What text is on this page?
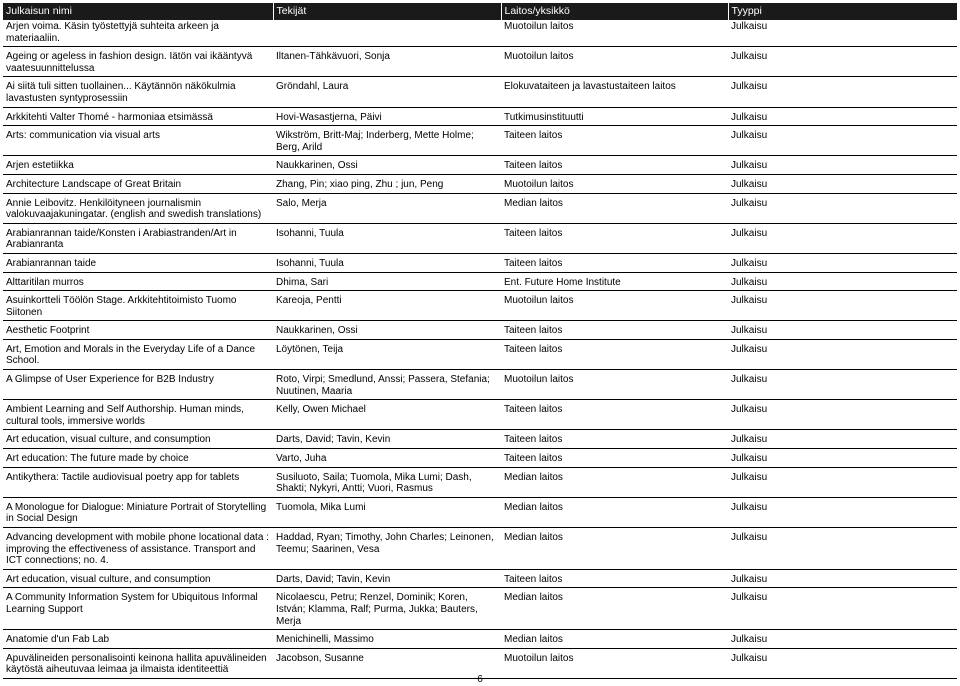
Julkaisun nimi	Tekijät	Laitos/yksikkö	Tyyppi
Arjen voima. Käsin työstettyjä suhteita arkeen ja materiaaliin.		Muotoilun laitos	Julkaisu

Ageing or ageless in fashion design. Iätön vai ikääntyvä vaatesuunnittelussa	Iltanen-Tähkävuori, Sonja	Muotoilun laitos	Julkaisu

Ai siitä tuli sitten tuollainen... Käytännön näkökulmia lavastusten syntyprosessiin	Gröndahl, Laura	Elokuvataiteen ja lavastustaiteen laitos	Julkaisu

Arkkitehti Valter Thomé - harmoniaa etsimässä	Hovi-Wasastjerna, Päivi	Tutkimusinstituutti	Julkaisu

Arts: communication via visual arts	Wikström, Britt-Maj; Inderberg, Mette Holme; Berg, Arild	Taiteen laitos	Julkaisu

Arjen estetiikka	Naukkarinen, Ossi	Taiteen laitos	Julkaisu

Architecture Landscape of Great Britain	Zhang, Pin; xiao ping, Zhu ; jun, Peng	Muotoilun laitos	Julkaisu

Annie Leibovitz. Henkilöityneen journalismin valokuvaajakuningatar. (english and swedish translations)	Salo, Merja	Median laitos	Julkaisu

Arabianrannan taide/Konsten i Arabiastranden/Art in Arabianranta	Isohanni, Tuula	Taiteen laitos	Julkaisu

Arabianrannan taide	Isohanni, Tuula	Taiteen laitos	Julkaisu

Alttaritilan murros	Dhima, Sari	Ent. Future Home Institute	Julkaisu

Asuinkortteli Töölön Stage. Arkkitehtitoimisto Tuomo Siitonen	Kareoja, Pentti	Muotoilun laitos	Julkaisu

Aesthetic Footprint	Naukkarinen, Ossi	Taiteen laitos	Julkaisu

Art, Emotion and Morals in the Everyday Life of a Dance School.	Löytönen, Teija	Taiteen laitos	Julkaisu

A Glimpse of User Experience for B2B Industry	Roto, Virpi; Smedlund, Anssi; Passera, Stefania; Nuutinen, Maaria	Muotoilun laitos	Julkaisu

Ambient Learning and Self Authorship. Human minds, cultural tools, immersive worlds	Kelly, Owen Michael	Taiteen laitos	Julkaisu

Art education, visual culture, and consumption	Darts, David; Tavin, Kevin	Taiteen laitos	Julkaisu

Art education: The future made by choice	Varto, Juha	Taiteen laitos	Julkaisu

Antikythera: Tactile audiovisual poetry app for tablets	Susiluoto, Saila; Tuomola, Mika Lumi; Dash, Shakti; Nykyri, Antti; Vuori, Rasmus	Median laitos	Julkaisu

A Monologue for Dialogue: Miniature Portrait of Storytelling in Social Design	Tuomola, Mika Lumi	Median laitos	Julkaisu

Advancing development with mobile phone locational data : improving the effectiveness of assistance. Transport and ICT connections; no. 4.	Haddad, Ryan; Timothy, John Charles; Leinonen, Teemu; Saarinen, Vesa	Median laitos	Julkaisu

Art education, visual culture, and consumption	Darts, David; Tavin, Kevin	Taiteen laitos	Julkaisu

A Community Information System for Ubiquitous Informal Learning Support	Nicolaescu, Petru; Renzel, Dominik; Koren, István; Klamma, Ralf; Purma, Jukka; Bauters, Merja	Median laitos	Julkaisu

Anatomie d'un Fab Lab	Menichinelli, Massimo	Median laitos	Julkaisu

Apuvälineiden personalisointi keinona hallita apuvälineiden käytöstä aiheutuvaa leimaa ja ilmaista identiteettiä	Jacobson, Susanne	Muotoilun laitos	Julkaisu
6
